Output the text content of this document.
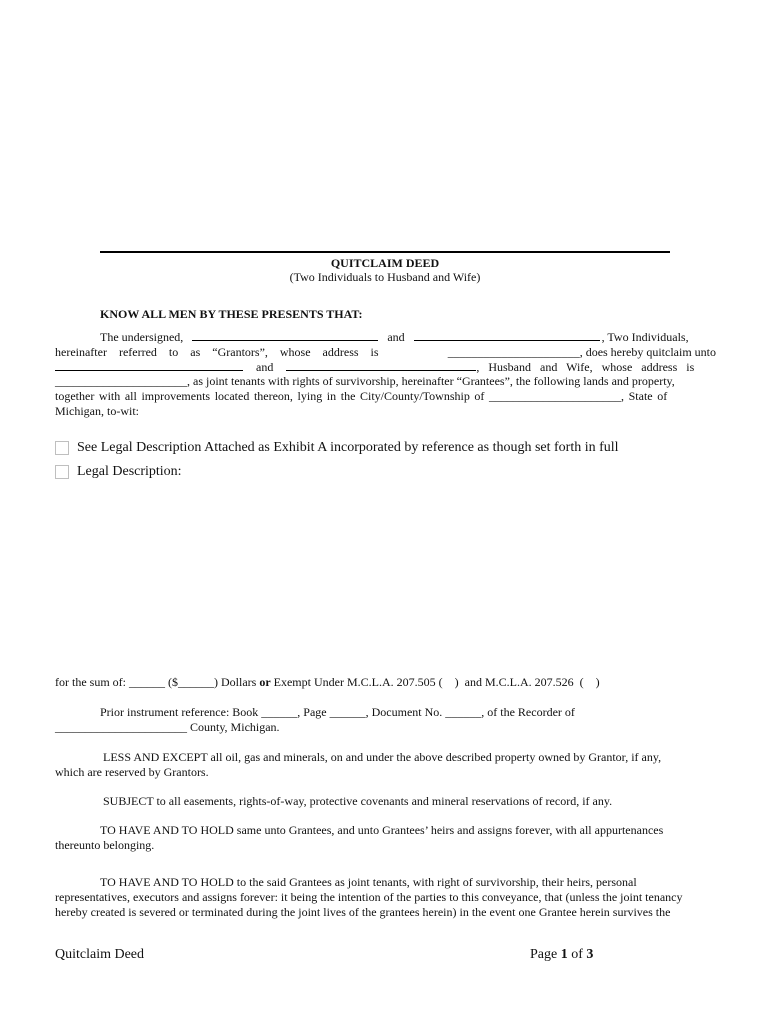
QUITCLAIM DEED
(Two Individuals to Husband and Wife)
KNOW ALL MEN BY THESE PRESENTS THAT:
The undersigned,	and	, Two Individuals,
hereinafter referred to as “Grantors”, whose address is	______________________, does hereby quitclaim unto
and	, Husband and Wife, whose address is
______________________, as joint tenants with rights of survivorship, hereinafter “Grantees”, the following lands and property,
together with all improvements located thereon, lying in the City/County/Township of ______________________, State of
Michigan, to-wit:
See Legal Description Attached as Exhibit A incorporated by reference as though set forth in full
Legal Description:
for the sum of: ______ ($______) Dollars or Exempt Under M.C.L.A. 207.505 (    )  and M.C.L.A. 207.526  (    )
Prior instrument reference: Book ______, Page ______, Document No. ______, of the Recorder of
______________________ County, Michigan.
LESS AND EXCEPT all oil, gas and minerals, on and under the above described property owned by Grantor, if any,
which are reserved by Grantors.
SUBJECT to all easements, rights-of-way, protective covenants and mineral reservations of record, if any.
TO HAVE AND TO HOLD same unto Grantees, and unto Grantees’ heirs and assigns forever, with all appurtenances
thereunto belonging.
TO HAVE AND TO HOLD to the said Grantees as joint tenants, with right of survivorship, their heirs, personal
representatives, executors and assigns forever: it being the intention of the parties to this conveyance, that (unless the joint tenancy
hereby created is severed or terminated during the joint lives of the grantees herein) in the event one Grantee herein survives the
Quitclaim Deed	Page 1 of 3
